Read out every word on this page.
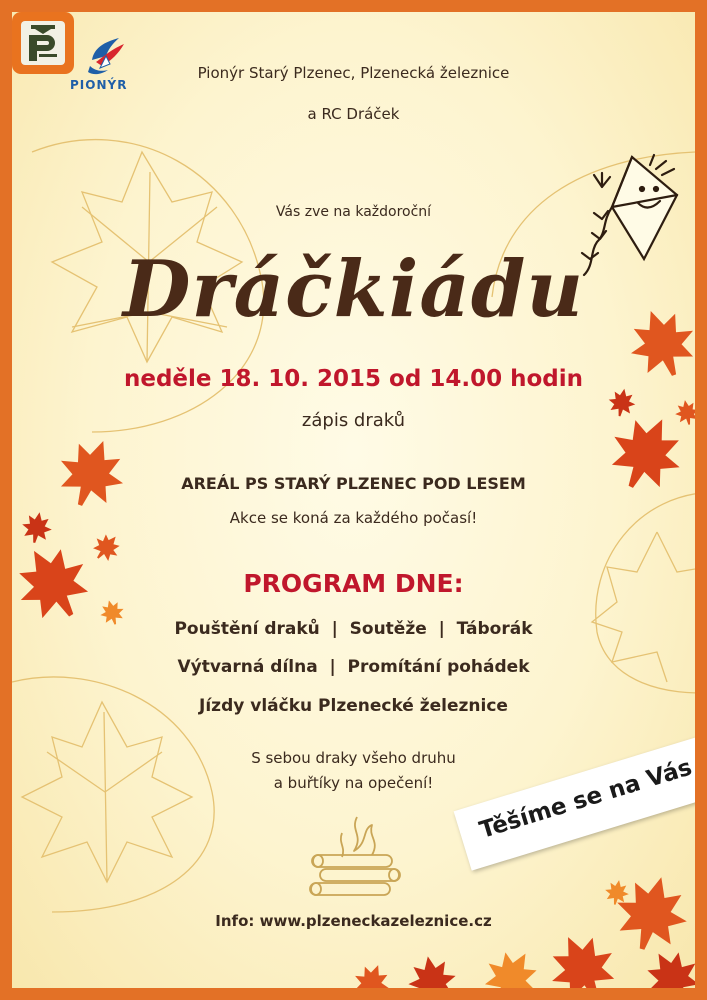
PIONÝR
Pionýr Starý Plzenec, Plzenecká železnice
a RC Dráček
Vás zve na každoroční
Dráčkiádu
neděle 18. 10. 2015 od 14.00 hodin
zápis draků
AREÁL PS STARÝ PLZENEC POD LESEM
Akce se koná za každého počasí!
PROGRAM DNE:
Pouštění draků  |  Soutěže  |  Táborák
Výtvarná dílna  |  Promítání pohádek
Jízdy vláčku Plzenecké železnice
S sebou draky všeho druhu
a buřtíky na opečení!	Těšíme se na Vás
Info: www.plzeneckazeleznice.cz
